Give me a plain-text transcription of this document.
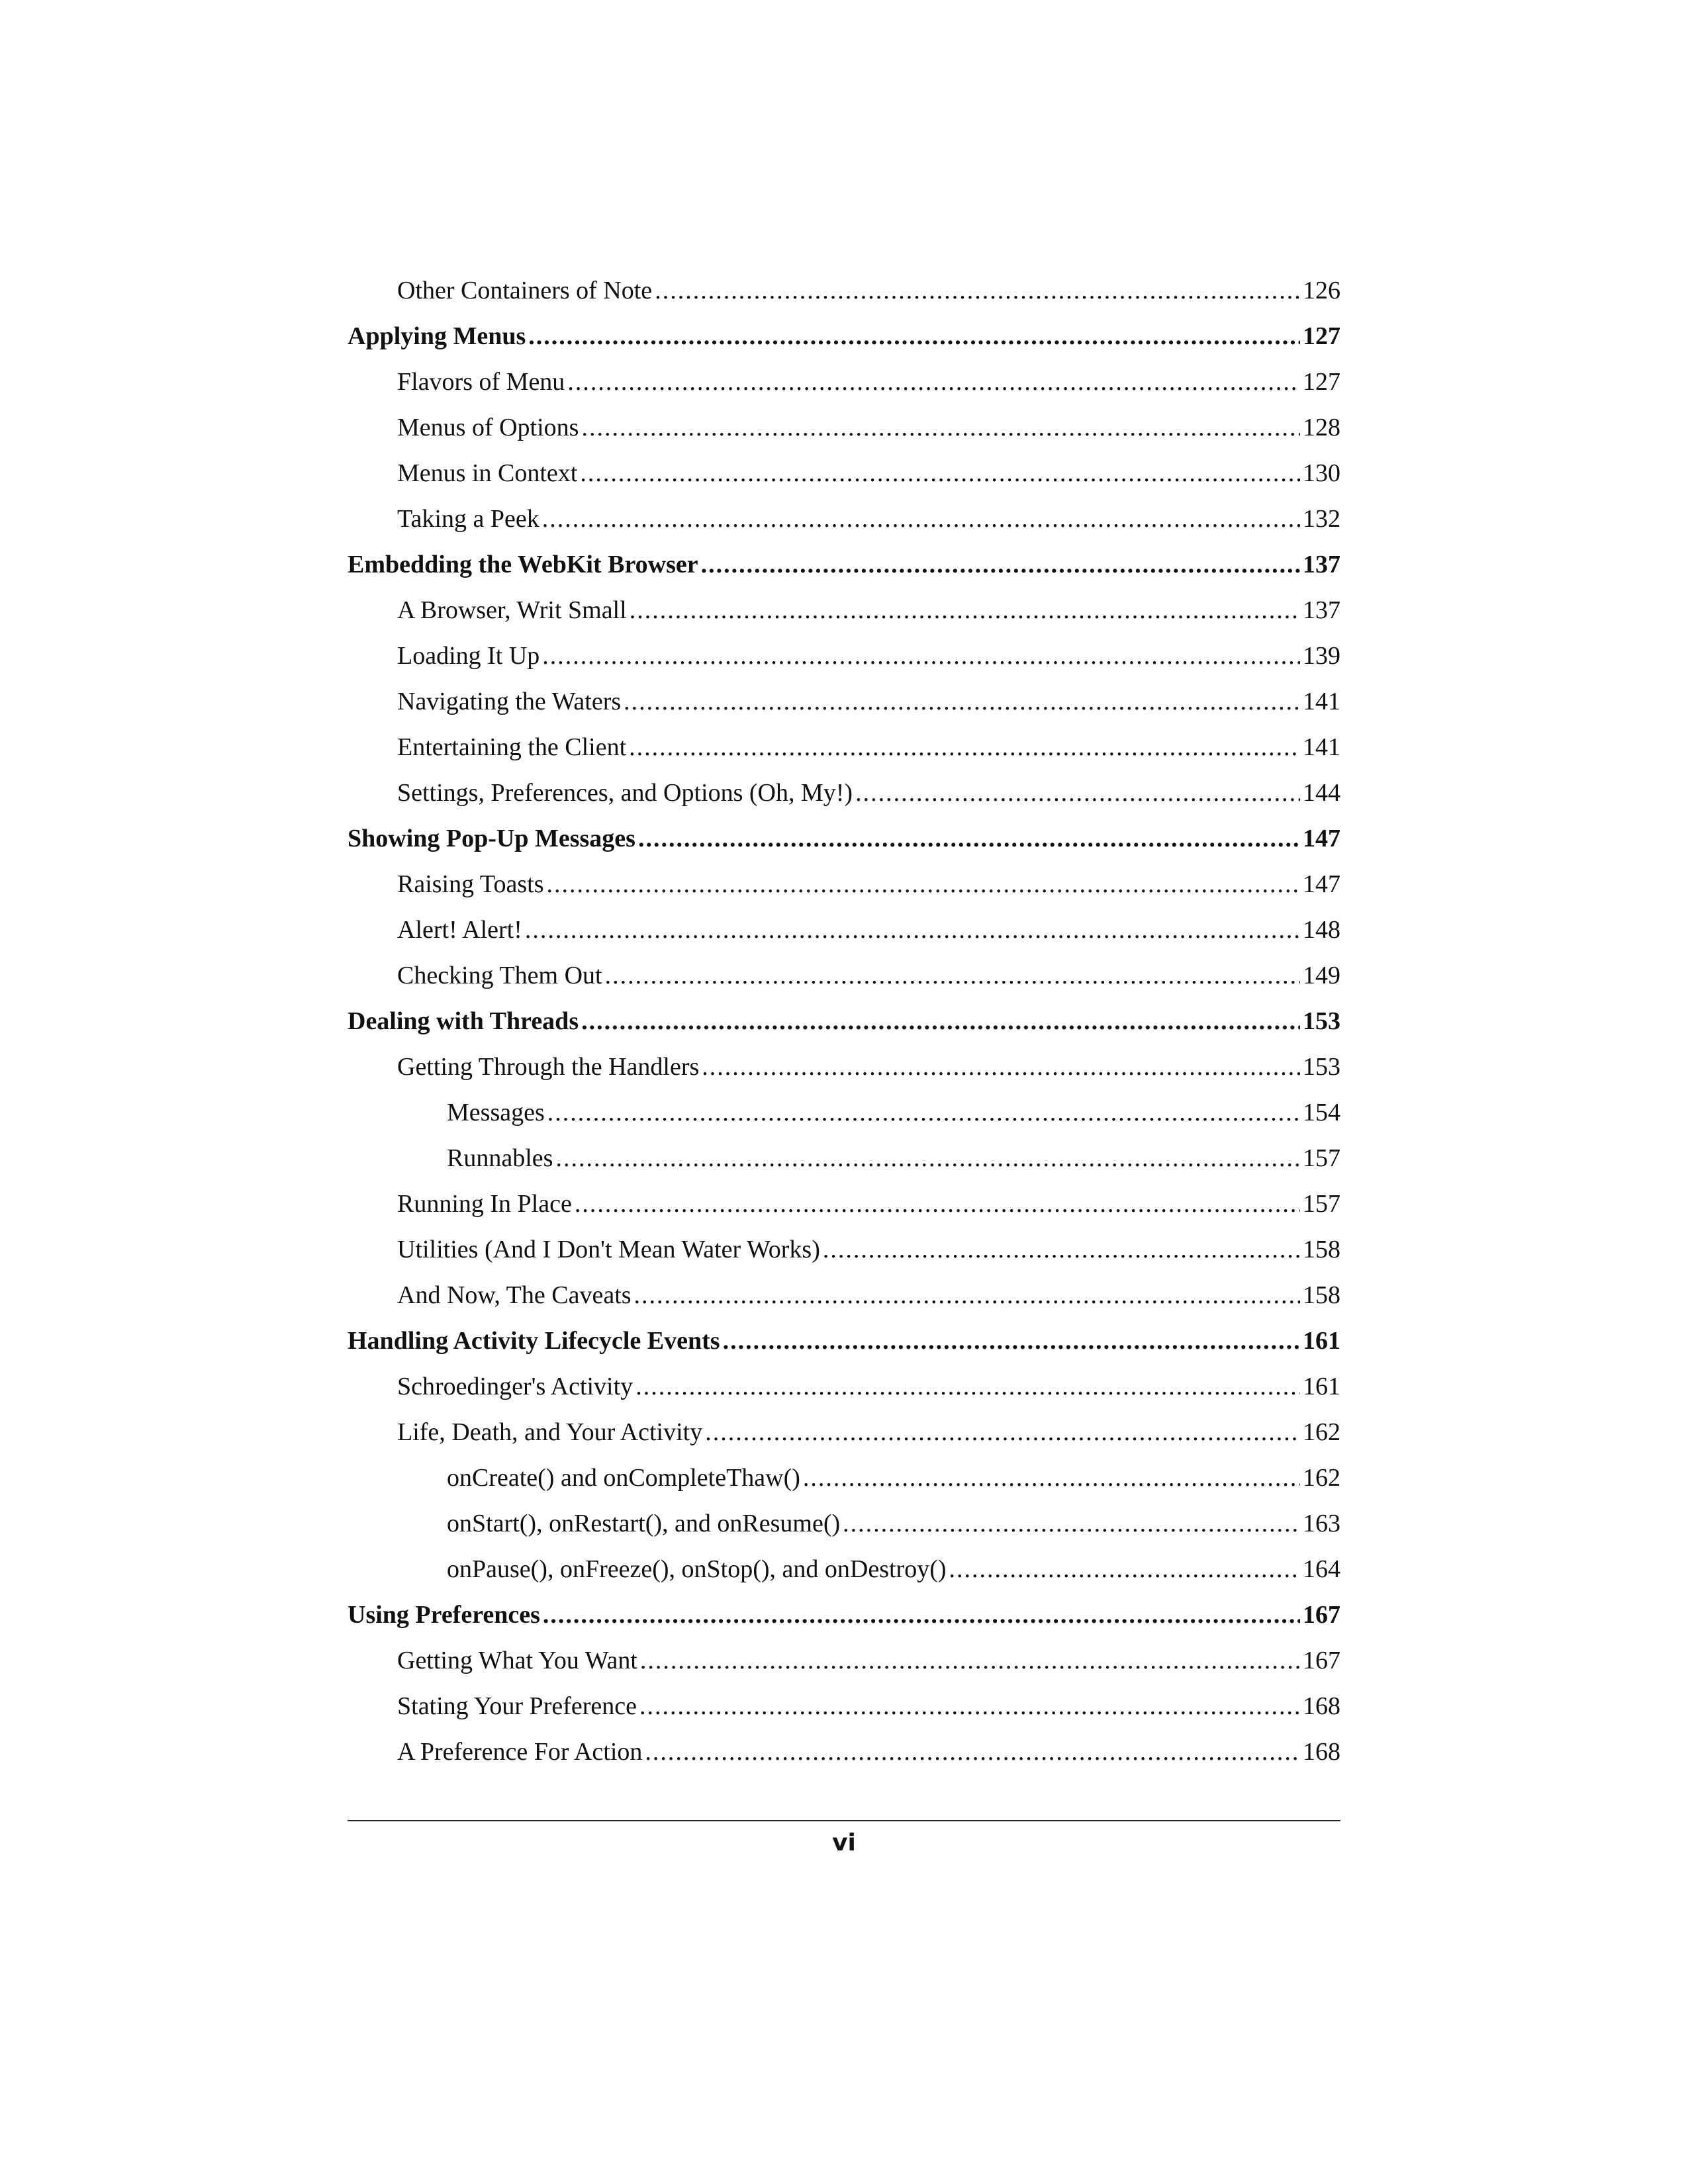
Other Containers of Note .....	126
Applying Menus .....	127
Flavors of Menu .....	127
Menus of Options .....	128
Menus in Context .....	130
Taking a Peek .....	132
Embedding the WebKit Browser .....	137
A Browser, Writ Small .....	137
Loading It Up .....	139
Navigating the Waters .....	141
Entertaining the Client .....	141
Settings, Preferences, and Options (Oh, My!) .....	144
Showing Pop-Up Messages .....	147
Raising Toasts .....	147
Alert! Alert! .....	148
Checking Them Out .....	149
Dealing with Threads .....	153
Getting Through the Handlers .....	153
Messages .....	154
Runnables .....	157
Running In Place .....	157
Utilities (And I Don't Mean Water Works) .....	158
And Now, The Caveats .....	158
Handling Activity Lifecycle Events .....	161
Schroedinger's Activity .....	161
Life, Death, and Your Activity .....	162
onCreate() and onCompleteThaw() .....	162
onStart(), onRestart(), and onResume() .....	163
onPause(), onFreeze(), onStop(), and onDestroy() .....	164
Using Preferences .....	167
Getting What You Want .....	167
Stating Your Preference .....	168
A Preference For Action .....	168
vi
